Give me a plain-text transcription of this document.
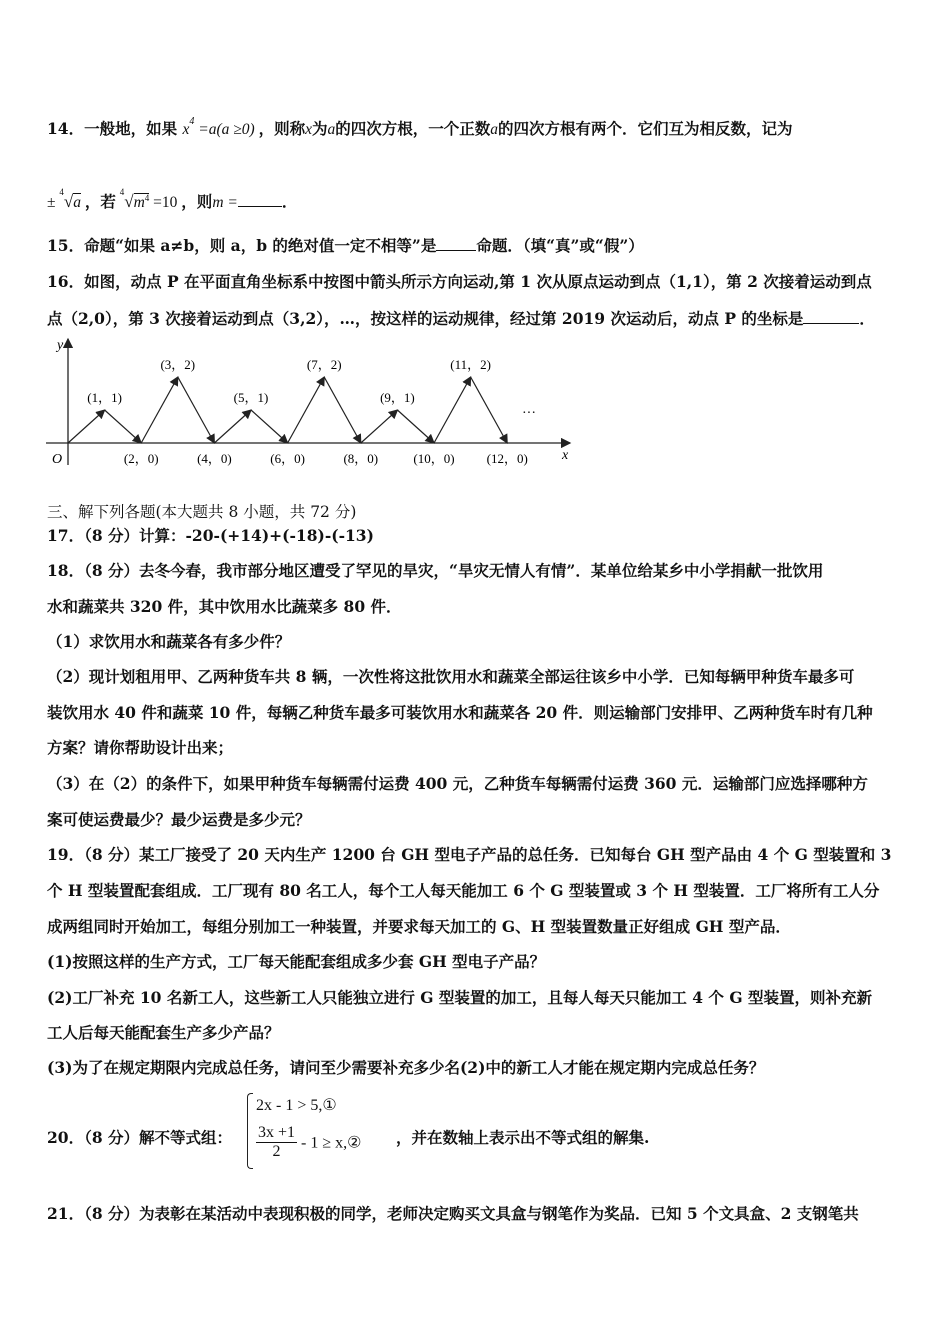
14．一般地，如果 $x^4 =a(a \ge 0)$ ，则称x为a的四次方根，一个正数a的四次方根有两个．它们互为相反数，记为
± $^4$√a ，若 $^4√m^4 =10$ ，则m =	．
15．命题“如果 a≠b，则 a，b 的绝对值一定不相等”是	命题．（填“真”或“假”）
16．如图，动点 P 在平面直角坐标系中按图中箭头所示方向运动,第 1 次从原点运动到点（1,1），第 2 次接着运动到点
点（2,0），第 3 次接着运动到点（3,2），…，按这样的运动规律，经过第 2019 次运动后，动点 P 的坐标是	．
y
x
O
···
(1，1)
(3，2)
(5，1)
(7，2)
(9，1)
(11，2)
(2，0)	(4，0)	(6，0)	(8，0)	(10，0) (12，0)
三、解下列各题(本大题共 8 小题，共 72 分)
17．（8 分）计算：-20-(+14)+(-18)-(-13)
18．（8 分）去冬今春，我市部分地区遭受了罕见的旱灾，“旱灾无情人有情”．某单位给某乡中小学捐献一批饮用
水和蔬菜共 320 件，其中饮用水比蔬菜多 80 件．
（1）求饮用水和蔬菜各有多少件？
（2）现计划租用甲、乙两种货车共 8 辆，一次性将这批饮用水和蔬菜全部运往该乡中小学．已知每辆甲种货车最多可
装饮用水 40 件和蔬菜 10 件，每辆乙种货车最多可装饮用水和蔬菜各 20 件．则运输部门安排甲、乙两种货车时有几种
方案？请你帮助设计出来；
（3）在（2）的条件下，如果甲种货车每辆需付运费 400 元，乙种货车每辆需付运费 360 元．运输部门应选择哪种方
案可使运费最少？最少运费是多少元？
19．（8 分）某工厂接受了 20 天内生产 1200 台 GH 型电子产品的总任务．已知每台 GH 型产品由 4 个 G 型装置和 3
个 H 型装置配套组成．工厂现有 80 名工人，每个工人每天能加工 6 个 G 型装置或 3 个 H 型装置．工厂将所有工人分
成两组同时开始加工，每组分别加工一种装置，并要求每天加工的 G、H 型装置数量正好组成 GH 型产品．
(1)按照这样的生产方式，工厂每天能配套组成多少套 GH 型电子产品？
(2)工厂补充 10 名新工人，这些新工人只能独立进行 G 型装置的加工，且每人每天只能加工 4 个 G 型装置，则补充新
工人后每天能配套生产多少产品？
(3)为了在规定期限内完成总任务，请问至少需要补充多少名(2)中的新工人才能在规定期内完成总任务？
20．（8 分）解不等式组：
2x - 1 > 5,①
$\frac{3x +1}{2} - 1$ ≥ x,② ，并在数轴上表示出不等式组的解集.
21．（8 分）为表彰在某活动中表现积极的同学，老师决定购买文具盒与钢笔作为奖品．已知 5 个文具盒、2 支钢笔共
